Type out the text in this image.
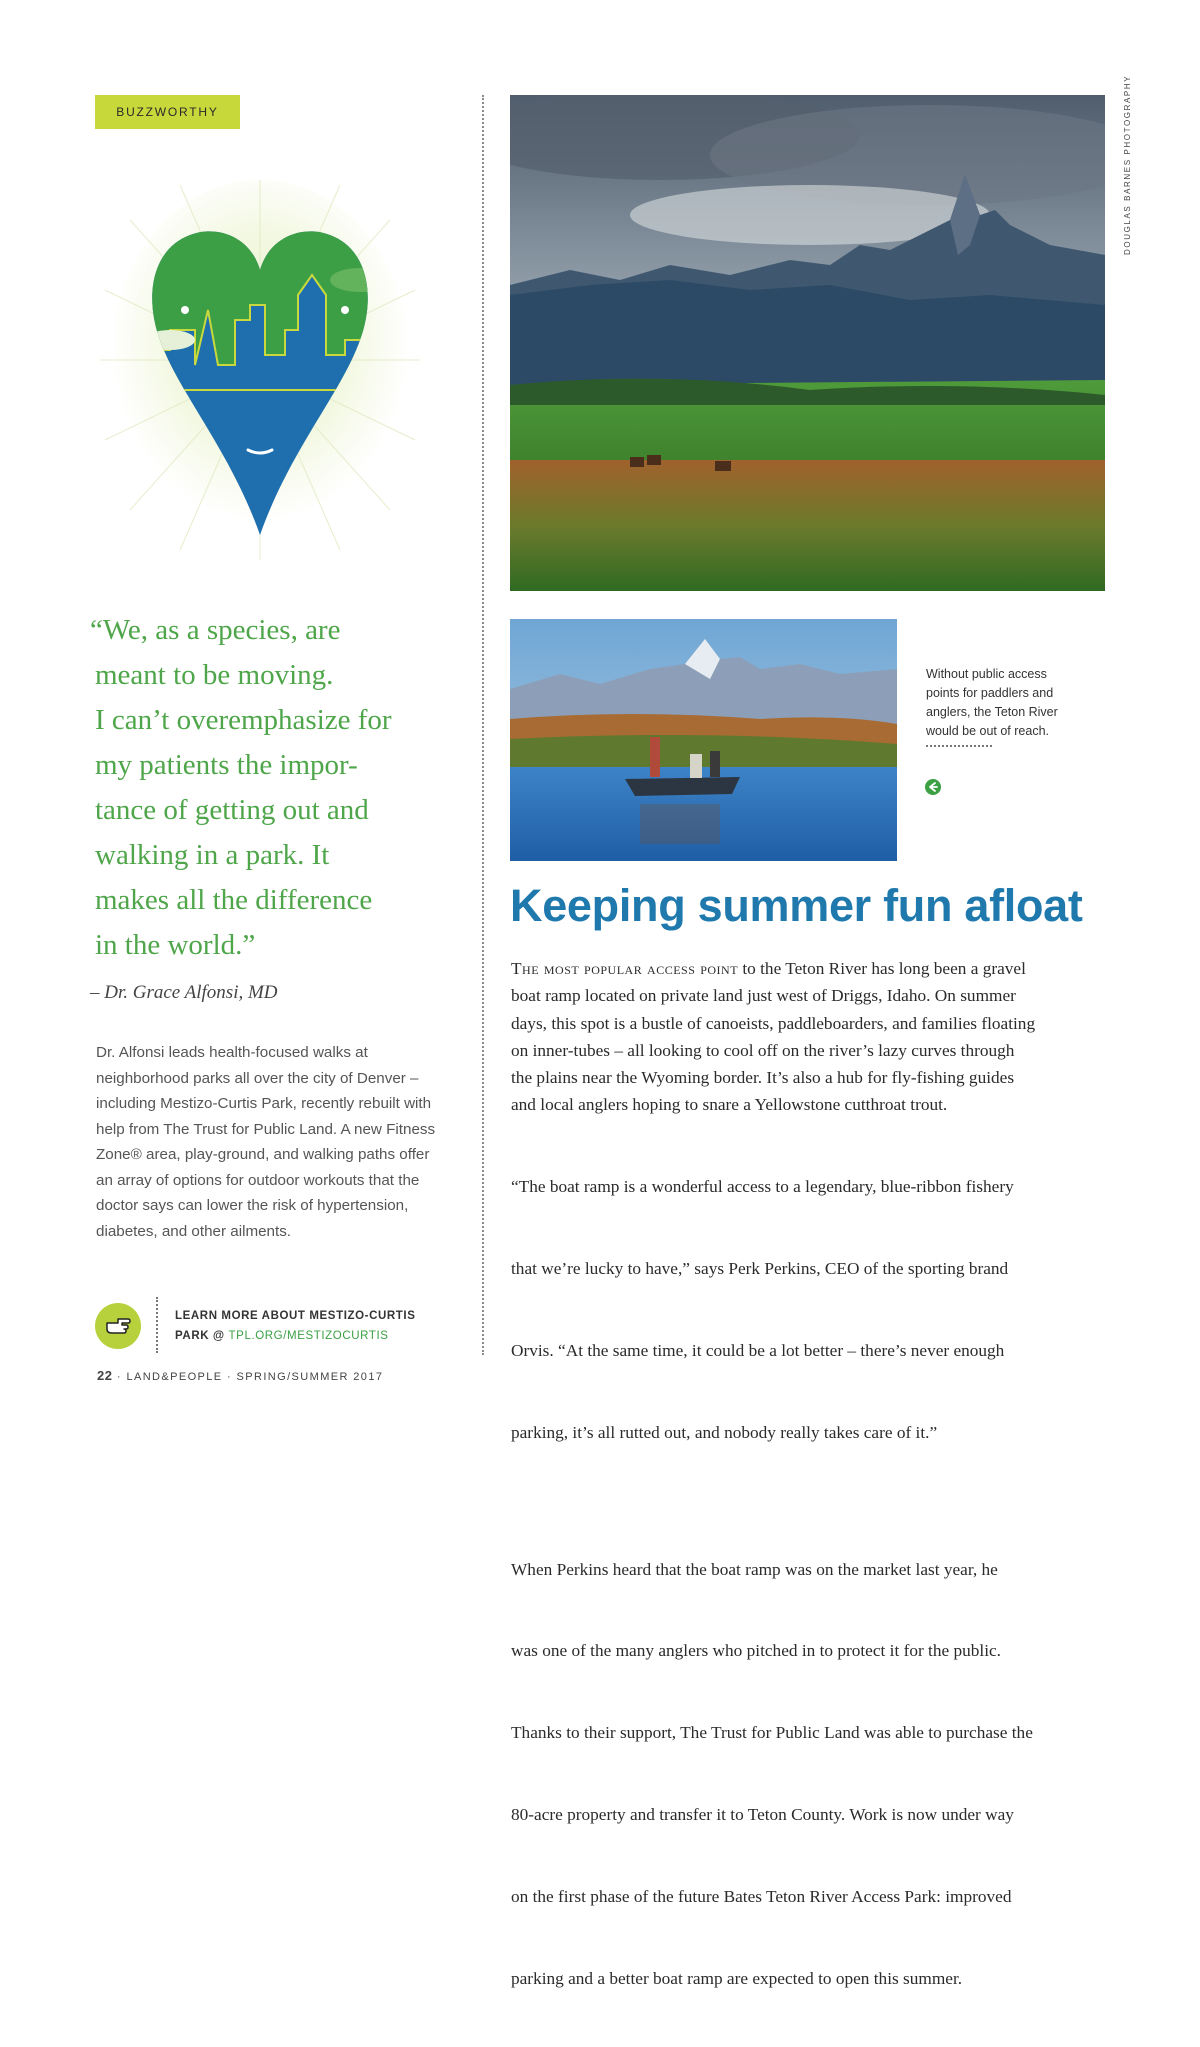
BUZZWORTHY
“We, as a species, are
meant to be moving.
I can’t overemphasize for
my patients the impor-
tance of getting out and
walking in a park. It
makes all the difference
in the world.”
– Dr. Grace Alfonsi, MD
Dr. Alfonsi leads health-focused walks at neighborhood parks all over the city of Denver – including Mestizo-Curtis Park, recently rebuilt with help from The Trust for Public Land. A new Fitness Zone® area, play-ground, and walking paths offer an array of options for outdoor workouts that the doctor says can lower the risk of hypertension, diabetes, and other ailments.
LEARN MORE ABOUT MESTIZO-CURTIS
PARK @ TPL.ORG/MESTIZOCURTIS
DOUGLAS BARNES PHOTOGRAPHY
Without public access points for paddlers and anglers, the Teton River would be out of reach.
Keeping summer fun afloat

The most popular access point to the Teton River has long been a gravel
boat ramp located on private land just west of Driggs, Idaho. On summer
days, this spot is a bustle of canoeists, paddleboarders, and families floating
on inner-tubes – all looking to cool off on the river’s lazy curves through
the plains near the Wyoming border. It’s also a hub for fly-fishing guides
and local anglers hoping to snare a Yellowstone cutthroat trout.

“The boat ramp is a wonderful access to a legendary, blue-ribbon fishery

that we’re lucky to have,” says Perk Perkins, CEO of the sporting brand

Orvis. “At the same time, it could be a lot better – there’s never enough

parking, it’s all rutted out, and nobody really takes care of it.”

When Perkins heard that the boat ramp was on the market last year, he

was one of the many anglers who pitched in to protect it for the public.

Thanks to their support, The Trust for Public Land was able to purchase the

80-acre property and transfer it to Teton County. Work is now under way

on the first phase of the future Bates Teton River Access Park: improved

parking and a better boat ramp are expected to open this summer.

22 · LAND&PEOPLE · SPRING/SUMMER 2017
